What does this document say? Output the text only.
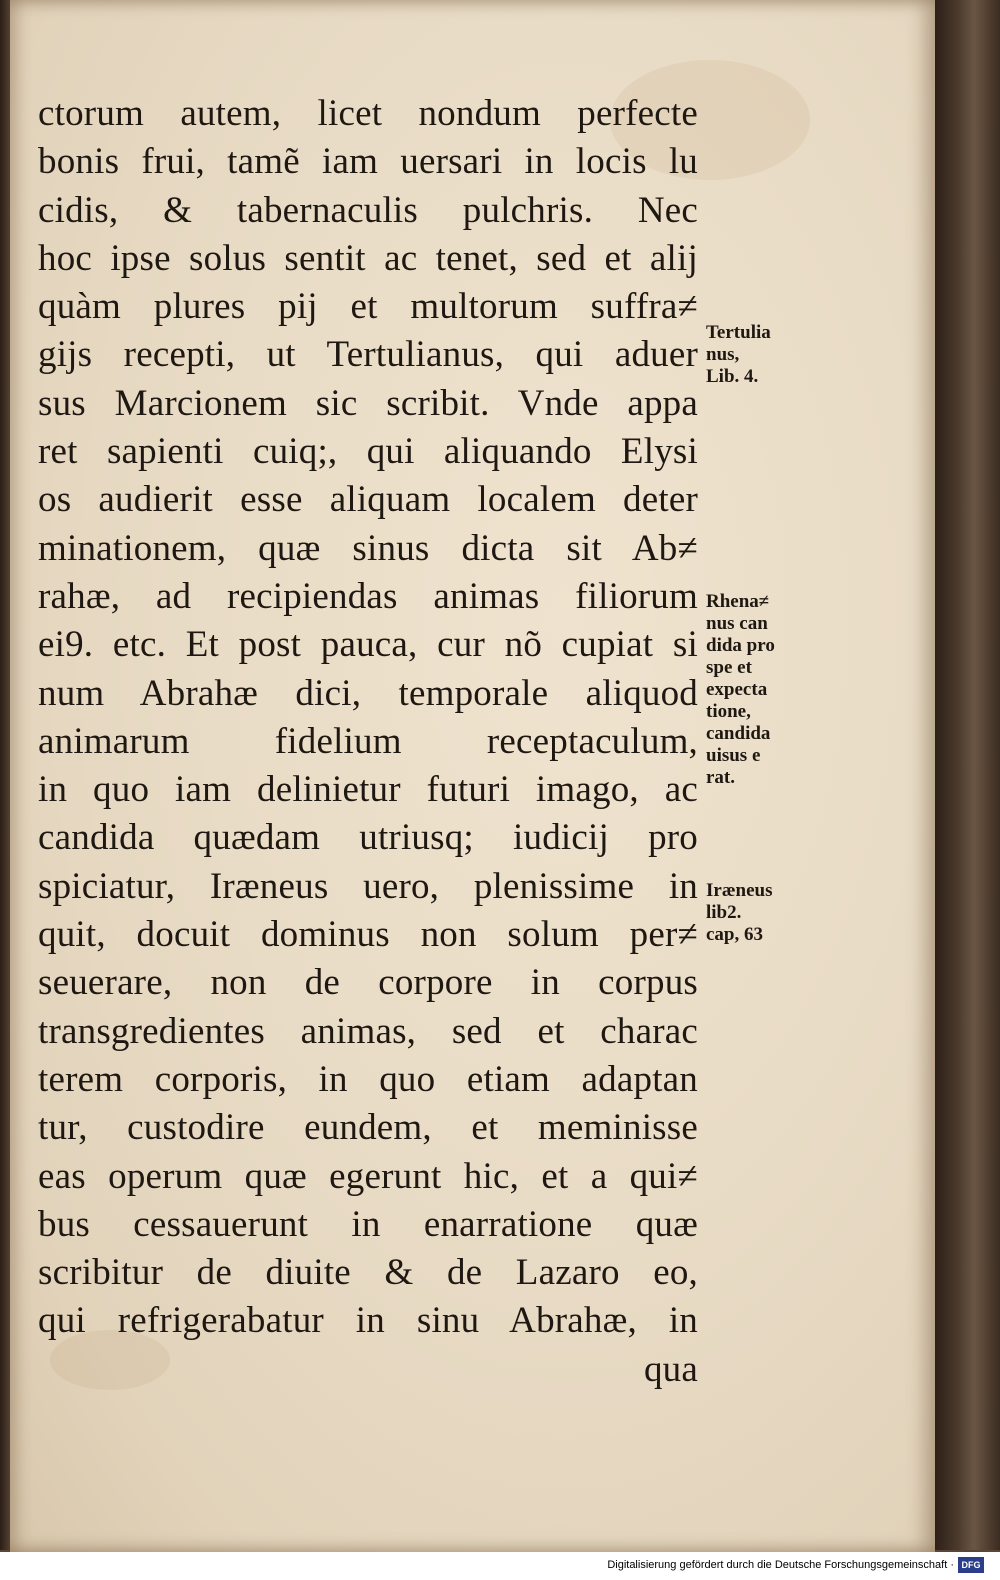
ctorum autem, licet nondum perfecte
bonis frui, tamẽ iam uersari in locis lu
cidis, & tabernaculis pulchris. Nec
hoc ipse solus sentit ac tenet, sed et alij
quàm plures pij et multorum suffra≠
gijs recepti, ut Tertulianus, qui aduer
sus Marcionem sic scribit. Vnde appa
ret sapienti cuiq;, qui aliquando Elysi
os audierit esse aliquam localem deter
minationem, quæ sinus dicta sit Ab≠
rahæ, ad recipiendas animas filiorum
ei9. etc. Et post pauca, cur nõ cupiat si
num Abrahæ dici, temporale aliquod
animarum fidelium receptaculum,
in quo iam delinietur futuri imago, ac
candida quædam utriusq; iudicij pro
spiciatur, Iræneus uero, plenissime in
quit, docuit dominus non solum per≠
seuerare, non de corpore in corpus
transgredientes animas, sed et charac
terem corporis, in quo etiam adaptan
tur, custodire eundem, et meminisse
eas operum quæ egerunt hic, et a qui≠
bus cessauerunt in enarratione quæ
scribitur de diuite & de Lazaro eo,
qui refrigerabatur in sinu Abrahæ, in
qua
Tertulia
nus,
Lib. 4.
Rhena≠
nus can
dida pro
spe et
expecta
tione,
candida
uisus e
rat.
Iræneus
lib2.
cap, 63
Digitalisierung gefördert durch die Deutsche Forschungsgemeinschaft · DFG
